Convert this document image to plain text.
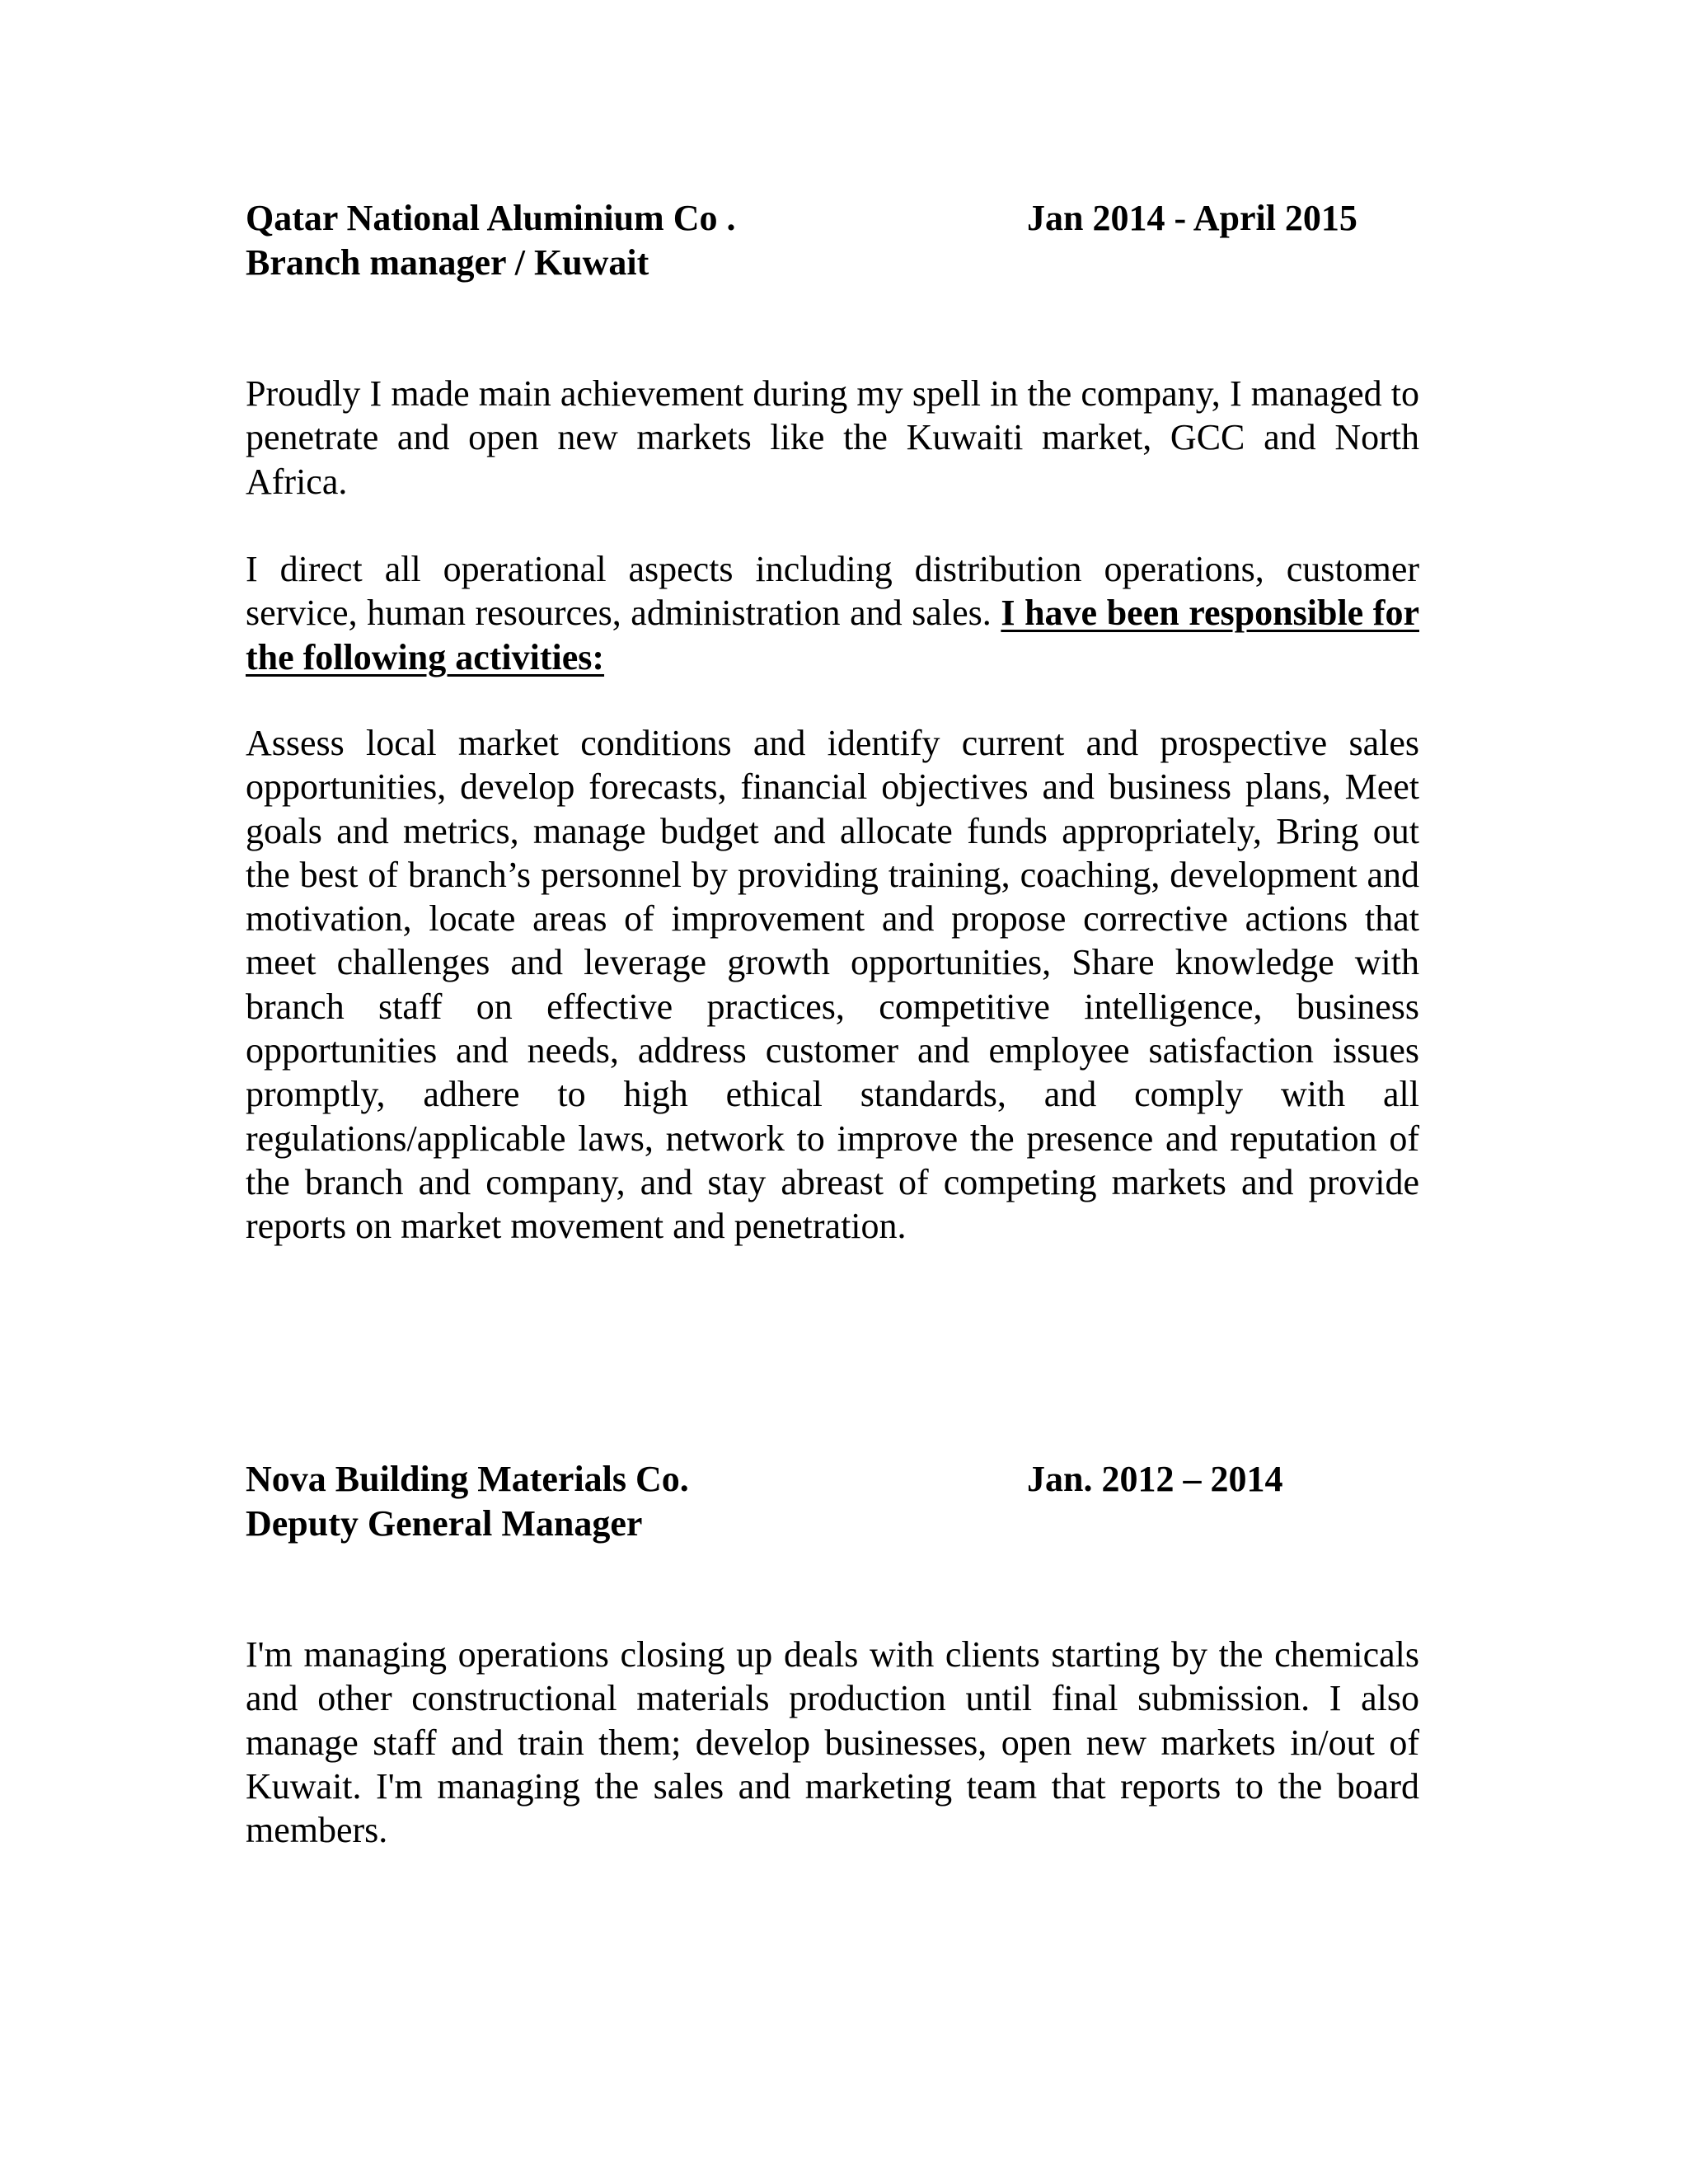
Qatar National Aluminium Co .	Jan 2014 - April 2015
Branch manager / Kuwait

Proudly I made main achievement during my spell in the company, I managed to penetrate and open new markets like the Kuwaiti market, GCC and North Africa.

I direct all operational aspects including distribution operations, customer service, human resources, administration and sales. I have been responsible for the following activities:

Assess local market conditions and identify current and prospective sales opportunities, develop forecasts, financial objectives and business plans, Meet goals and metrics, manage budget and allocate funds appropriately, Bring out the best of branch’s personnel by providing training, coaching, development and motivation, locate areas of improvement and propose corrective actions that meet challenges and leverage growth opportunities, Share knowledge with branch staff on effective practices, competitive intelligence, business opportunities and needs, address customer and employee satisfaction issues promptly, adhere to high ethical standards, and comply with all regulations/applicable laws, network to improve the presence and reputation of the branch and company, and stay abreast of competing markets and provide reports on market movement and penetration.

Nova Building Materials Co.	Jan. 2012 – 2014
Deputy General Manager

I'm managing operations closing up deals with clients starting by the chemicals and other constructional materials production until final submission. I also manage staff and train them; develop businesses, open new markets in/out of Kuwait. I'm managing the sales and marketing team that reports to the board members.
